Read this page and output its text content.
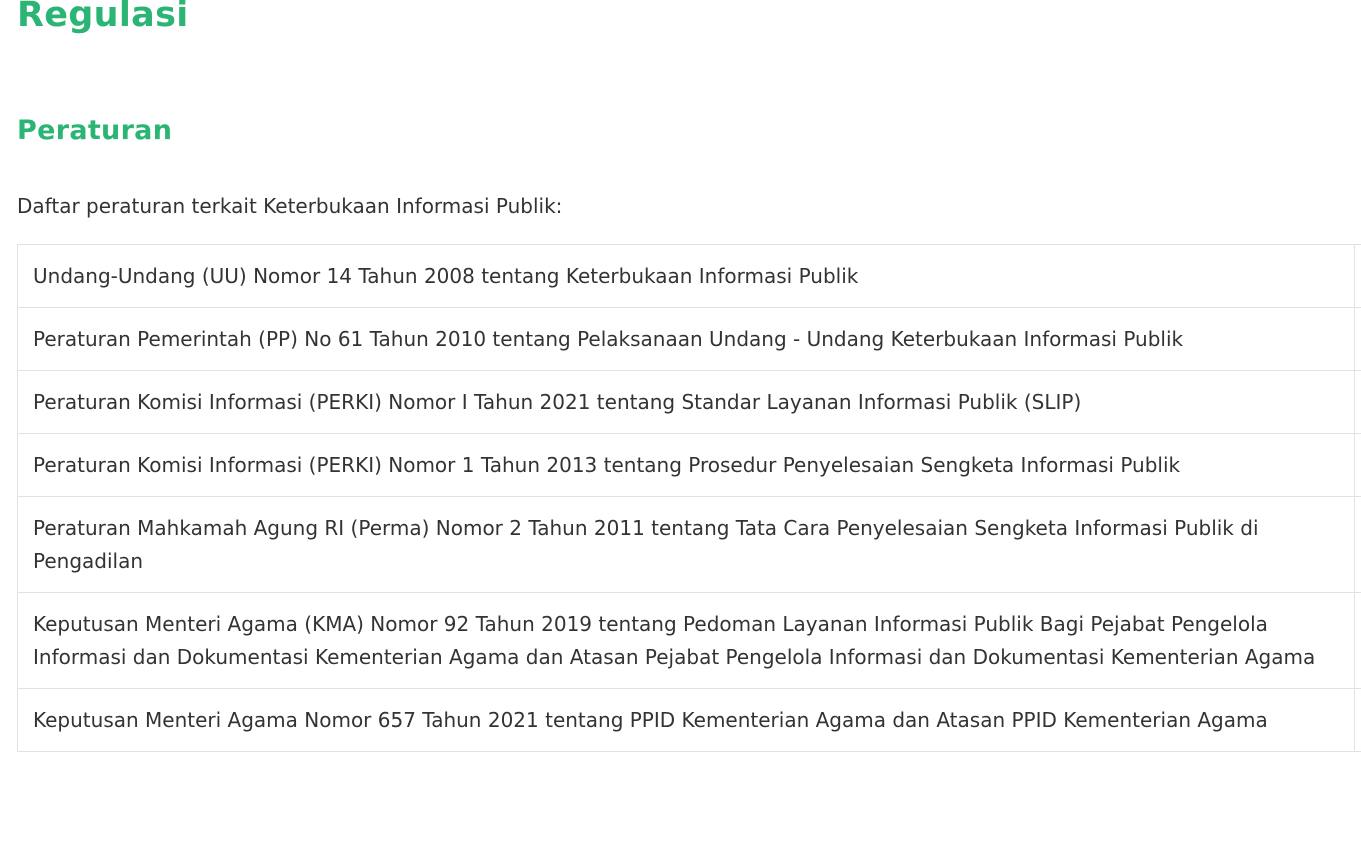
Regulasi
Peraturan

Daftar peraturan terkait Keterbukaan Informasi Publik:

Undang-Undang (UU) Nomor 14 Tahun 2008 tentang Keterbukaan Informasi Publik	
Peraturan Pemerintah (PP) No 61 Tahun 2010 tentang Pelaksanaan Undang - Undang Keterbukaan Informasi Publik	
Peraturan Komisi Informasi (PERKI) Nomor I Tahun 2021 tentang Standar Layanan Informasi Publik (SLIP)	
Peraturan Komisi Informasi (PERKI) Nomor 1 Tahun 2013 tentang Prosedur Penyelesaian Sengketa Informasi Publik	
Peraturan Mahkamah Agung RI (Perma) Nomor 2 Tahun 2011 tentang Tata Cara Penyelesaian Sengketa Informasi Publik di Pengadilan	
Keputusan Menteri Agama (KMA) Nomor 92 Tahun 2019 tentang Pedoman Layanan Informasi Publik Bagi Pejabat Pengelola Informasi dan Dokumentasi Kementerian Agama dan Atasan Pejabat Pengelola Informasi dan Dokumentasi Kementerian Agama	
Keputusan Menteri Agama Nomor 657 Tahun 2021 tentang PPID Kementerian Agama dan Atasan PPID Kementerian Agama	
